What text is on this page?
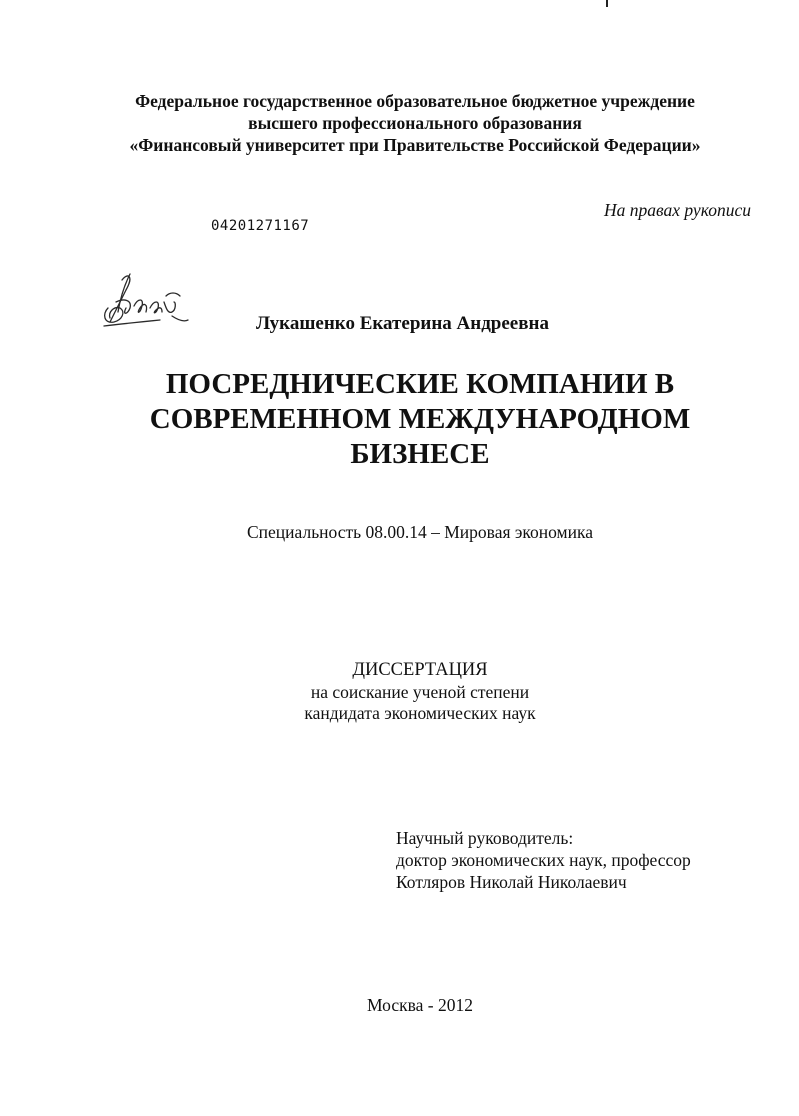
Федеральное государственное образовательное бюджетное учреждение
высшего профессионального образования
«Финансовый университет при Правительстве Российской Федерации»
На правах рукописи
04201271167
Лукашенко Екатерина Андреевна
ПОСРЕДНИЧЕСКИЕ КОМПАНИИ В
СОВРЕМЕННОМ МЕЖДУНАРОДНОМ
БИЗНЕСЕ
Специальность 08.00.14 – Мировая экономика
ДИССЕРТАЦИЯ
на соискание ученой степени
кандидата экономических наук
Научный руководитель:
доктор экономических наук, профессор
Котляров Николай Николаевич
Москва - 2012
